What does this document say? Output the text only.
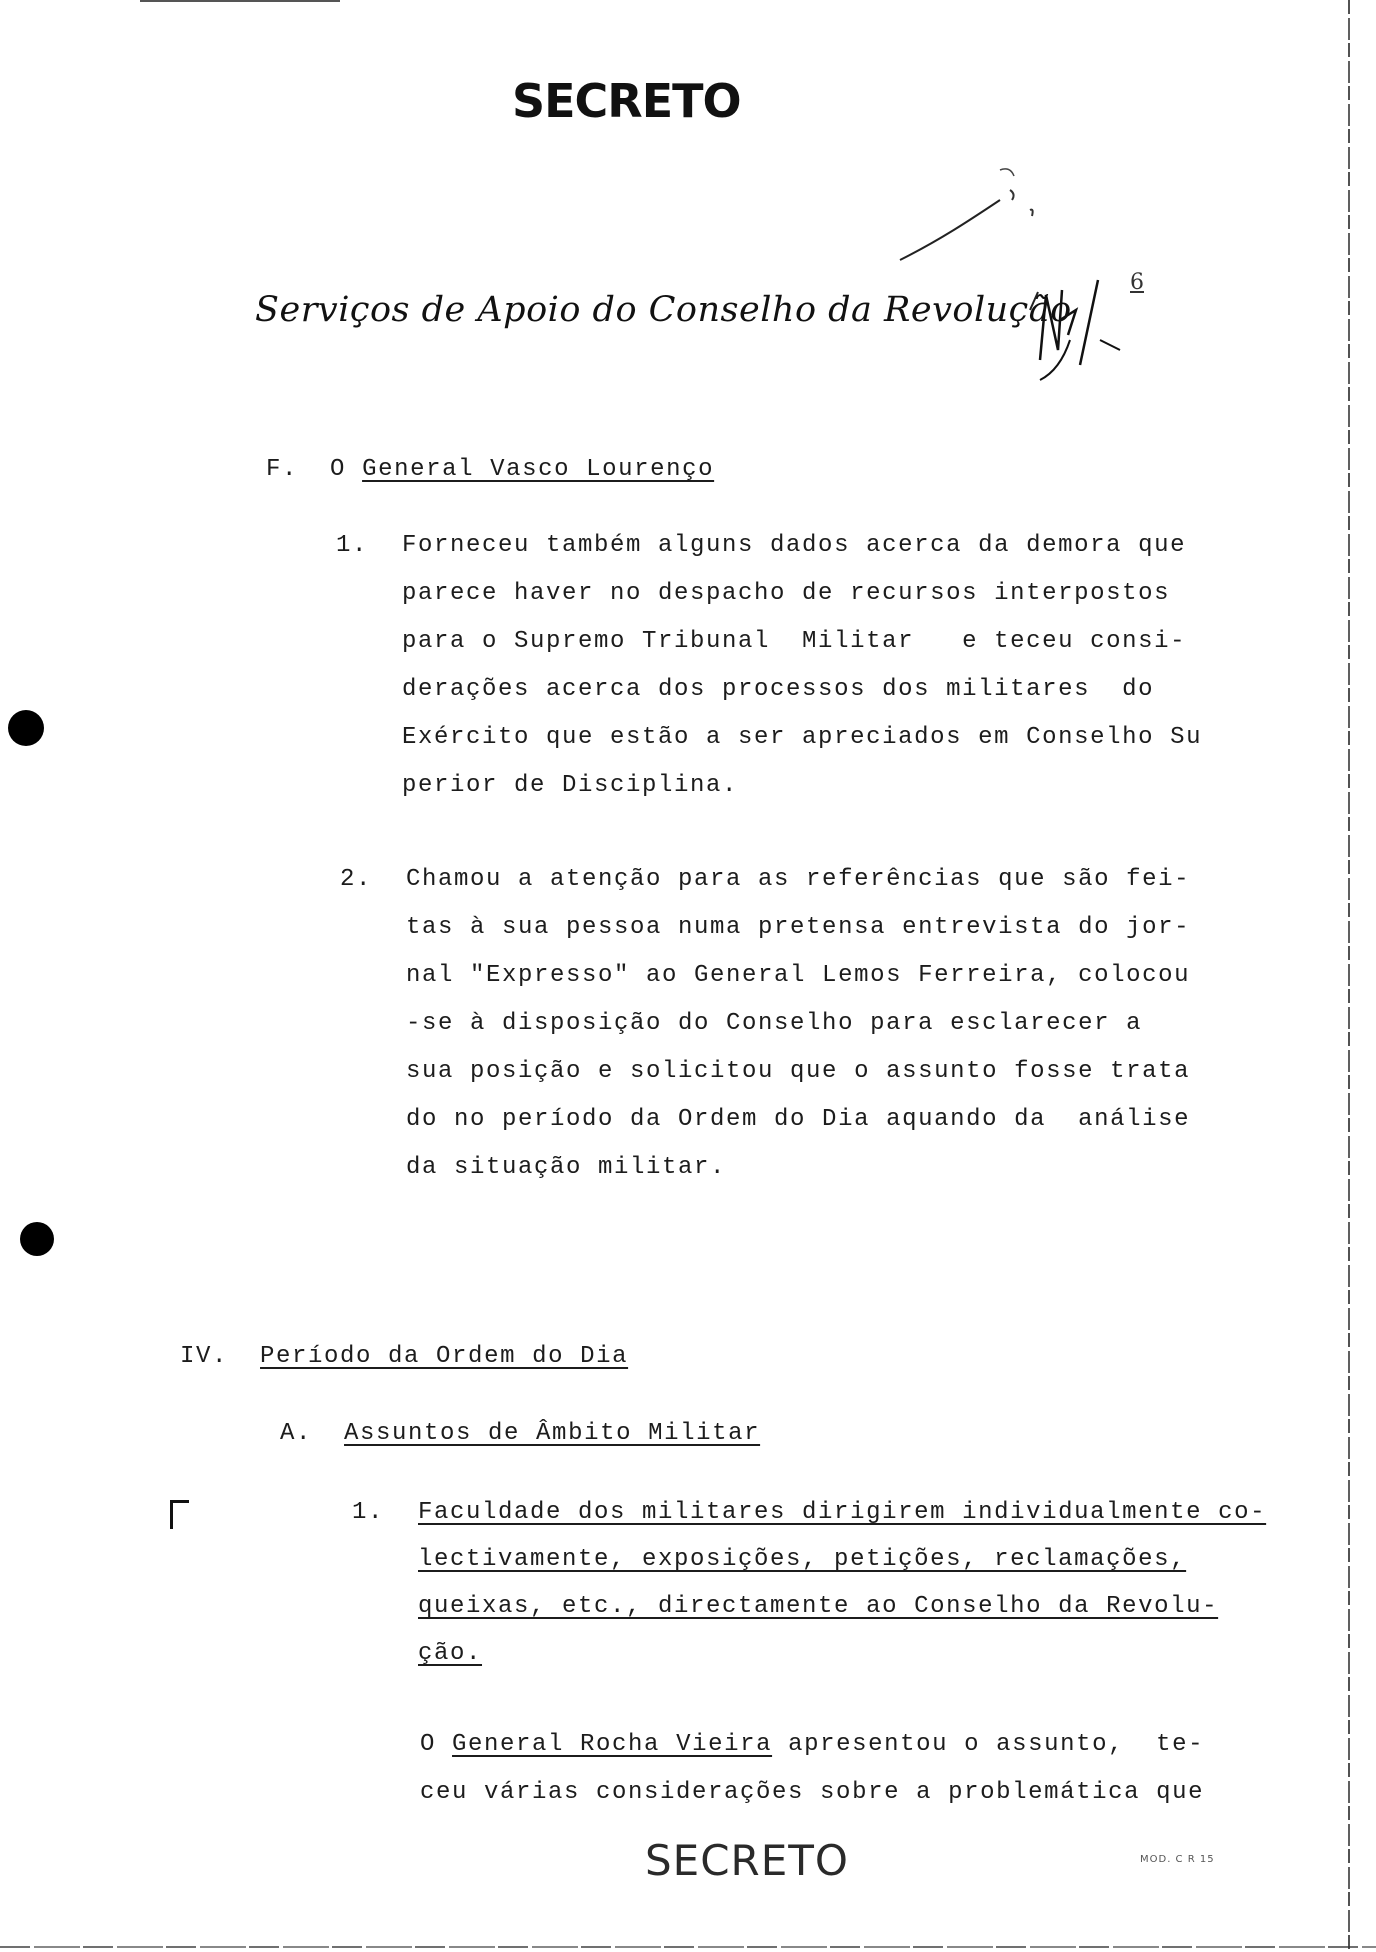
SECRETO
6
Serviços de Apoio do Conselho da Revolução
F. O General Vasco Lourenço
1. Forneceu também alguns dados acerca da demora que
parece haver no despacho de recursos interpostos
para o Supremo Tribunal  Militar   e teceu consi-
derações acerca dos processos dos militares  do
Exército que estão a ser apreciados em Conselho Su
perior de Disciplina.
2. Chamou a atenção para as referências que são fei-
tas à sua pessoa numa pretensa entrevista do jor-
nal "Expresso" ao General Lemos Ferreira, colocou
-se à disposição do Conselho para esclarecer a
sua posição e solicitou que o assunto fosse trata
do no período da Ordem do Dia aquando da  análise
da situação militar.
IV. Período da Ordem do Dia
A. Assuntos de Âmbito Militar
1. Faculdade dos militares dirigirem individualmente co-
lectivamente, exposições, petições, reclamações,
queixas, etc., directamente ao Conselho da Revolu-
ção.
O General Rocha Vieira apresentou o assunto,  te-
ceu várias considerações sobre a problemática que
SECRETO	MOD. C R 15
